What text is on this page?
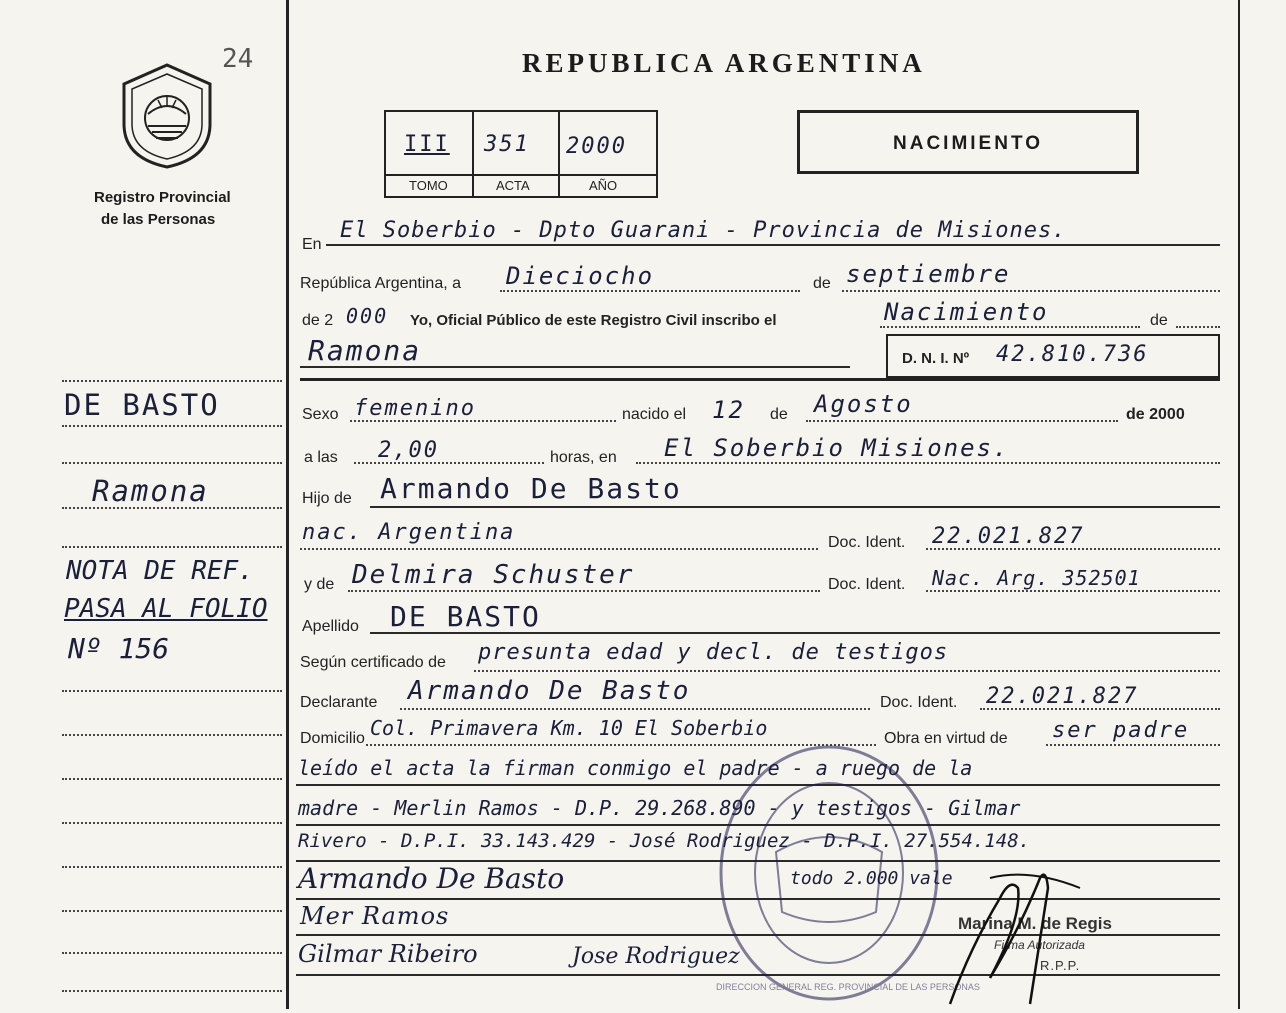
24
Registro Provincial
de las Personas
DE BASTO
Ramona
NOTA DE REF.
PASA AL FOLIO
Nº 156
REPUBLICA ARGENTINA
III 351 2000
TOMO	ACTA	AÑO
NACIMIENTO
En
El Soberbio - Dpto Guarani - Provincia de Misiones.
República Argentina, a Dieciocho	de septiembre
de 2 000 Yo, Oficial Público de este Registro Civil inscribo el	Nacimiento	de
Ramona	D. N. I. Nº 42.810.736
Sexo femenino	nacido el 12 de Agosto	de 2000
a las 2,00	horas, en El Soberbio Misiones.
Hijo de Armando De Basto
nac. Argentina	Doc. Ident. 22.021.827
y de Delmira Schuster	Doc. Ident. Nac. Arg. 352501
Apellido DE BASTO
Según certificado de presunta edad y decl. de testigos
Declarante Armando De Basto	Doc. Ident. 22.021.827
Domicilio Col. Primavera Km. 10 El Soberbio	Obra en virtud de ser padre
leído el acta la firman conmigo el padre - a ruego de la
madre - Merlin Ramos - D.P. 29.268.890 - y testigos - Gilmar
Rivero - D.P.I. 33.143.429 - José Rodriguez - D.P.I. 27.554.148.
Armando De Basto	todo 2.000 vale
Mer Ramos
Gilmar Ribeiro	Jose Rodriguez
DIRECCION GENERAL REG. PROVINCIAL DE LAS PERSONAS
Marina M. de Regis
Firma Autorizada
R.P.P.
